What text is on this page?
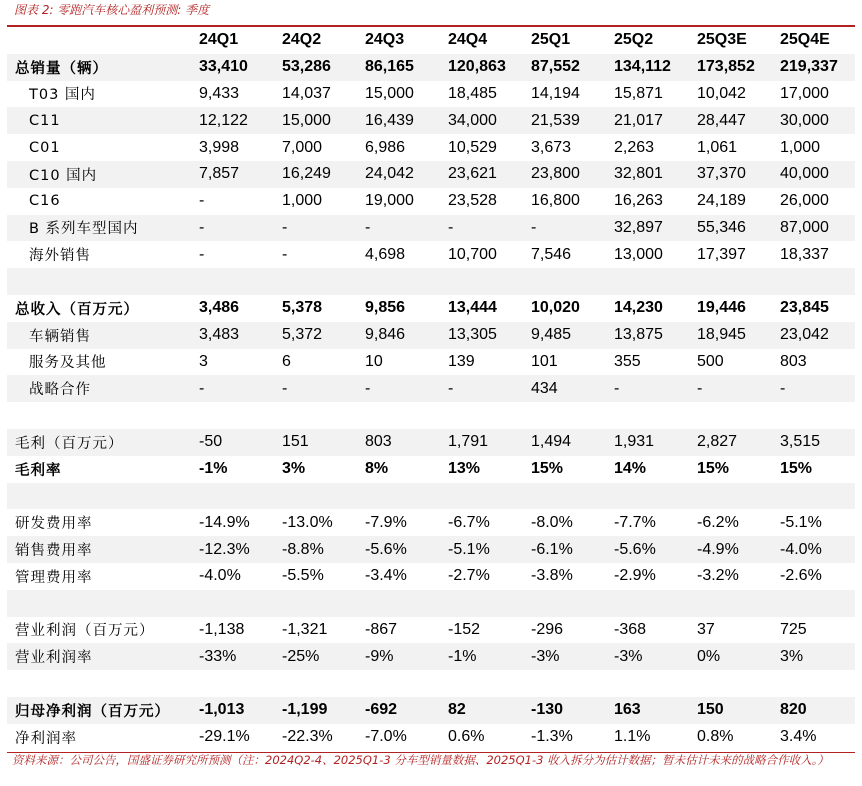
图表 2: 零跑汽车核心盈利预测: 季度
	24Q1	24Q2	24Q3	24Q4	25Q1	25Q2	25Q3E	25Q4E
总销量（辆）	33,410	53,286	86,165	120,863	87,552	134,112	173,852	219,337
T03 国内	9,433	14,037	15,000	18,485	14,194	15,871	10,042	17,000
C11	12,122	15,000	16,439	34,000	21,539	21,017	28,447	30,000
C01	3,998	7,000	6,986	10,529	3,673	2,263	1,061	1,000
C10 国内	7,857	16,249	24,042	23,621	23,800	32,801	37,370	40,000
C16	-	1,000	19,000	23,528	16,800	16,263	24,189	26,000
B 系列车型国内	-	-	-	-	-	32,897	55,346	87,000
海外销售	-	-	4,698	10,700	7,546	13,000	17,397	18,337

总收入（百万元）	3,486	5,378	9,856	13,444	10,020	14,230	19,446	23,845
车辆销售	3,483	5,372	9,846	13,305	9,485	13,875	18,945	23,042
服务及其他	3	6	10	139	101	355	500	803
战略合作	-	-	-	-	434	-	-	-

毛利（百万元）	-50	151	803	1,791	1,494	1,931	2,827	3,515
毛利率	-1%	3%	8%	13%	15%	14%	15%	15%

研发费用率	-14.9%	-13.0%	-7.9%	-6.7%	-8.0%	-7.7%	-6.2%	-5.1%
销售费用率	-12.3%	-8.8%	-5.6%	-5.1%	-6.1%	-5.6%	-4.9%	-4.0%
管理费用率	-4.0%	-5.5%	-3.4%	-2.7%	-3.8%	-2.9%	-3.2%	-2.6%

营业利润（百万元）	-1,138	-1,321	-867	-152	-296	-368	37	725
营业利润率	-33%	-25%	-9%	-1%	-3%	-3%	0%	3%

归母净利润（百万元）	-1,013	-1,199	-692	82	-130	163	150	820
净利润率	-29.1%	-22.3%	-7.0%	0.6%	-1.3%	1.1%	0.8%	3.4%
资料来源：公司公告，国盛证券研究所预测（注：2024Q2-4、2025Q1-3 分车型销量数据、2025Q1-3 收入拆分为估计数据；暂未估计未来的战略合作收入。）
